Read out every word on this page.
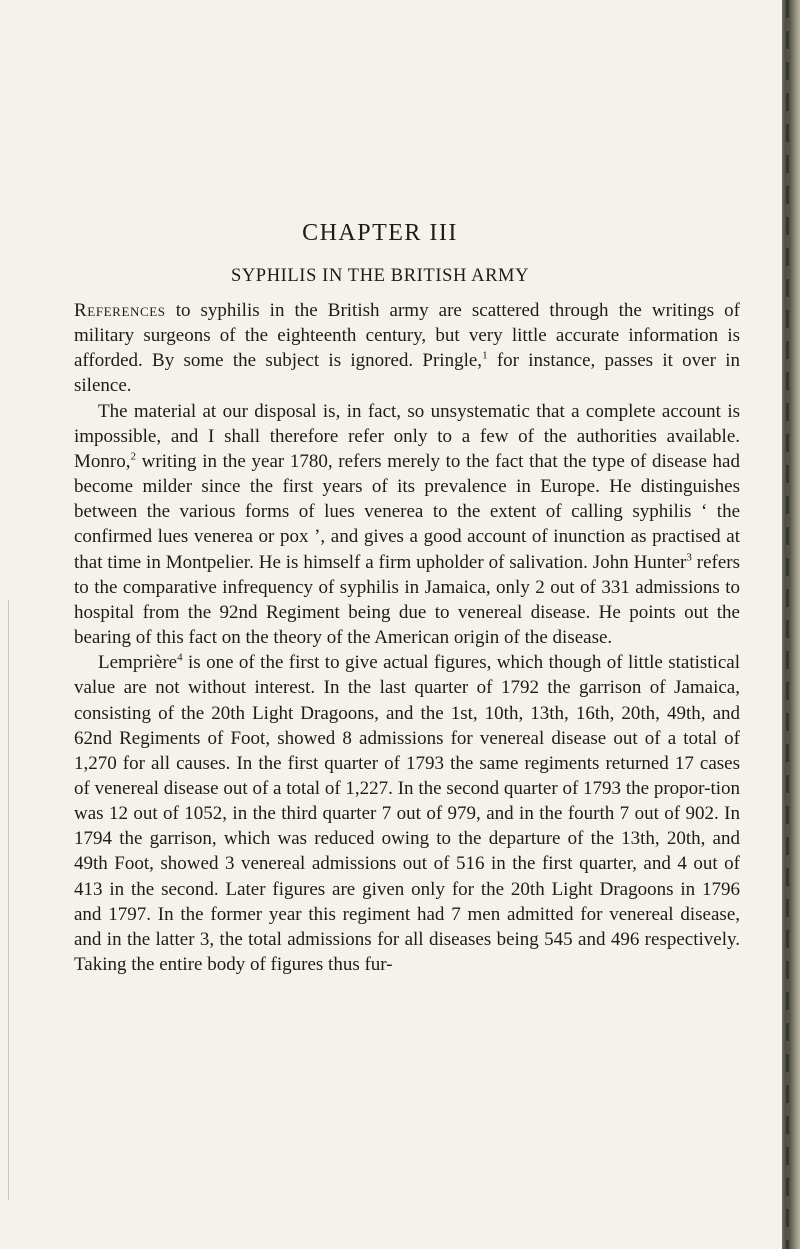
CHAPTER III
SYPHILIS IN THE BRITISH ARMY

References to syphilis in the British army are scattered through the writings of military surgeons of the eighteenth century, but very little accurate information is afforded. By some the subject is ignored. Pringle,$^1$ for instance, passes it over in silence.

The material at our disposal is, in fact, so unsystematic that a complete account is impossible, and I shall therefore refer only to a few of the authorities available. Monro,$^2$ writing in the year 1780, refers merely to the fact that the type of disease had become milder since the first years of its prevalence in Europe. He distinguishes between the various forms of lues venerea to the extent of calling syphilis ‘ the confirmed lues venerea or pox ’, and gives a good account of inunction as practised at that time in Montpelier. He is himself a firm upholder of salivation. John Hunter$^3$ refers to the comparative infrequency of syphilis in Jamaica, only 2 out of 331 admissions to hospital from the 92nd Regiment being due to venereal disease. He points out the bearing of this fact on the theory of the American origin of the disease.

Lemprière$^4$ is one of the first to give actual figures, which though of little statistical value are not without interest. In the last quarter of 1792 the garrison of Jamaica, consisting of the 20th Light Dragoons, and the 1st, 10th, 13th, 16th, 20th, 49th, and 62nd Regiments of Foot, showed 8 admissions for venereal disease out of a total of 1,270 for all causes. In the first quarter of 1793 the same regiments returned 17 cases of venereal disease out of a total of 1,227. In the second quarter of 1793 the propor-tion was 12 out of 1052, in the third quarter 7 out of 979, and in the fourth 7 out of 902. In 1794 the garrison, which was reduced owing to the departure of the 13th, 20th, and 49th Foot, showed 3 venereal admissions out of 516 in the first quarter, and 4 out of 413 in the second. Later figures are given only for the 20th Light Dragoons in 1796 and 1797. In the former year this regiment had 7 men admitted for venereal disease, and in the latter 3, the total admissions for all diseases being 545 and 496 respectively. Taking the entire body of figures thus fur-
